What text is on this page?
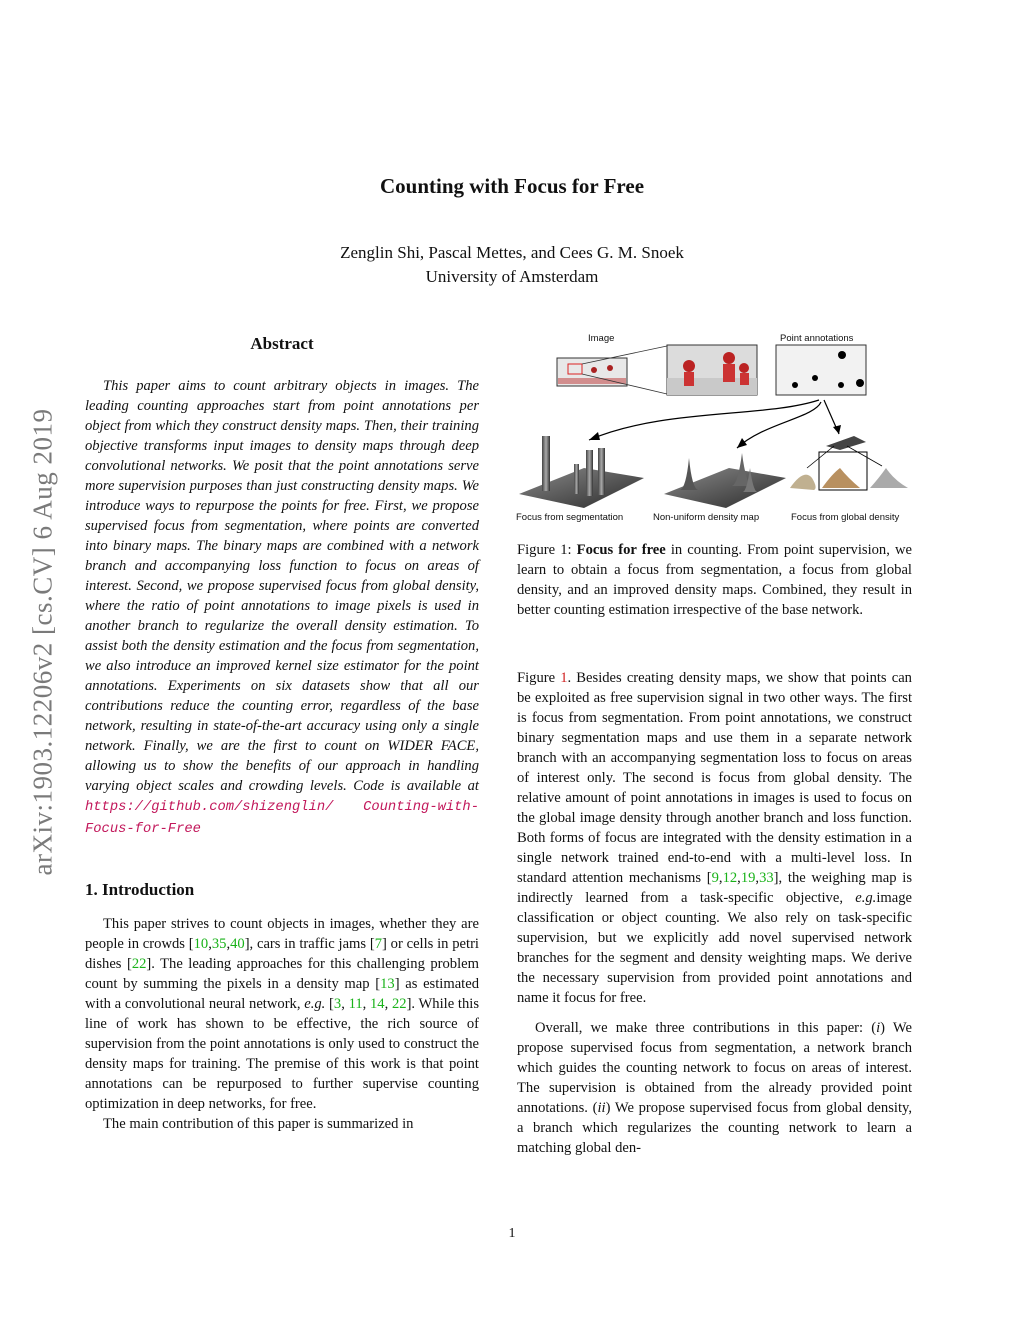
arXiv:1903.12206v2 [cs.CV] 6 Aug 2019
Counting with Focus for Free
Zenglin Shi, Pascal Mettes, and Cees G. M. Snoek
University of Amsterdam
Abstract

This paper aims to count arbitrary objects in images. The leading counting approaches start from point annotations per object from which they construct density maps. Then, their training objective transforms input images to density maps through deep convolutional networks. We posit that the point annotations serve more supervision purposes than just constructing density maps. We introduce ways to repurpose the points for free. First, we propose supervised focus from segmentation, where points are converted into binary maps. The binary maps are combined with a network branch and accompanying loss function to focus on areas of interest. Second, we propose supervised focus from global density, where the ratio of point annotations to image pixels is used in another branch to regularize the overall density estimation. To assist both the density estimation and the focus from segmentation, we also introduce an improved kernel size estimator for the point annotations. Experiments on six datasets show that all our contributions reduce the counting error, regardless of the base network, resulting in state-of-the-art accuracy using only a single network. Finally, we are the first to count on WIDER FACE, allowing us to show the benefits of our approach in handling varying object scales and crowding levels. Code is available at https://github.com/shizenglin/ Counting-with-Focus-for-Free

1. Introduction

This paper strives to count objects in images, whether they are people in crowds [10,35,40], cars in traffic jams [7] or cells in petri dishes [22]. The leading approaches for this challenging problem count by summing the pixels in a density map [13] as estimated with a convolutional neural network, e.g. [3, 11, 14, 22]. While this line of work has shown to be effective, the rich source of supervision from the point annotations is only used to construct the density maps for training. The premise of this work is that point annotations can be repurposed to further supervise counting optimization in deep networks, for free.

The main contribution of this paper is summarized in

Image	Point annotations
Focus from segmentation	Non-uniform density map	Focus from global density
Figure 1: Focus for free in counting. From point supervision, we learn to obtain a focus from segmentation, a focus from global density, and an improved density maps. Combined, they result in better counting estimation irrespective of the base network.

Figure 1. Besides creating density maps, we show that points can be exploited as free supervision signal in two other ways. The first is focus from segmentation. From point annotations, we construct binary segmentation maps and use them in a separate network branch with an accompanying segmentation loss to focus on areas of interest only. The second is focus from global density. The relative amount of point annotations in images is used to focus on the global image density through another branch and loss function. Both forms of focus are integrated with the density estimation in a single network trained end-to-end with a multi-level loss. In standard attention mechanisms [9,12,19,33], the weighing map is indirectly learned from a task-specific objective, e.g.image classification or object counting. We also rely on task-specific supervision, but we explicitly add novel supervised network branches for the segment and density weighting maps. We derive the necessary supervision from provided point annotations and name it focus for free.

Overall, we make three contributions in this paper: (i) We propose supervised focus from segmentation, a network branch which guides the counting network to focus on areas of interest. The supervision is obtained from the already provided point annotations. (ii) We propose supervised focus from global density, a branch which regularizes the counting network to learn a matching global den-

1
